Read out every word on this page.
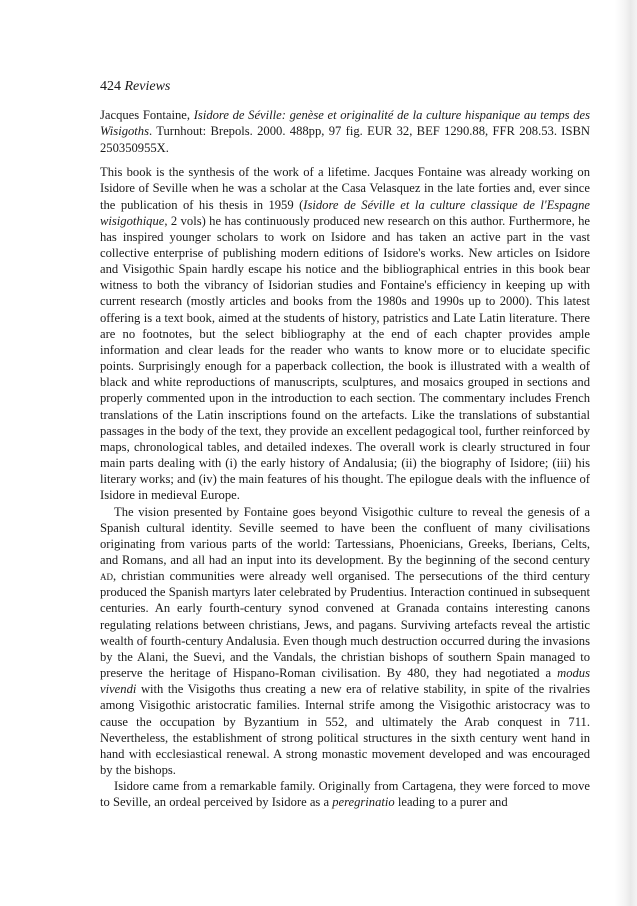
424 Reviews

Jacques Fontaine, Isidore de Séville: genèse et originalité de la culture hispanique au temps des Wisigoths. Turnhout: Brepols. 2000. 488pp, 97 fig. EUR 32, BEF 1290.88, FFR 208.53. ISBN 250350955X.

This book is the synthesis of the work of a lifetime. Jacques Fontaine was already working on Isidore of Seville when he was a scholar at the Casa Velasquez in the late forties and, ever since the publication of his thesis in 1959 (Isidore de Séville et la culture classique de l'Espagne wisigothique, 2 vols) he has continuously produced new research on this author. Furthermore, he has inspired younger scholars to work on Isidore and has taken an active part in the vast collective enterprise of publishing modern editions of Isidore's works. New articles on Isidore and Visigothic Spain hardly escape his notice and the bibliographical entries in this book bear witness to both the vibrancy of Isidorian studies and Fontaine's efficiency in keeping up with current research (mostly articles and books from the 1980s and 1990s up to 2000). This latest offering is a text book, aimed at the students of history, patristics and Late Latin literature. There are no footnotes, but the select bibliography at the end of each chapter provides ample information and clear leads for the reader who wants to know more or to elucidate specific points. Surprisingly enough for a paperback collection, the book is illustrated with a wealth of black and white reproductions of manuscripts, sculptures, and mosaics grouped in sections and properly commented upon in the introduction to each section. The commentary includes French translations of the Latin inscriptions found on the artefacts. Like the translations of substantial passages in the body of the text, they provide an excellent pedagogical tool, further reinforced by maps, chronological tables, and detailed indexes. The overall work is clearly structured in four main parts dealing with (i) the early history of Andalusia; (ii) the biography of Isidore; (iii) his literary works; and (iv) the main features of his thought. The epilogue deals with the influence of Isidore in medieval Europe.

The vision presented by Fontaine goes beyond Visigothic culture to reveal the genesis of a Spanish cultural identity. Seville seemed to have been the confluent of many civilisations originating from various parts of the world: Tartessians, Phoenicians, Greeks, Iberians, Celts, and Romans, and all had an input into its development. By the beginning of the second century ad, christian communities were already well organised. The persecutions of the third century produced the Spanish martyrs later celebrated by Prudentius. Interaction continued in subsequent centuries. An early fourth-century synod convened at Granada contains interesting canons regulating relations between christians, Jews, and pagans. Surviving artefacts reveal the artistic wealth of fourth-century Andalusia. Even though much destruction occurred during the invasions by the Alani, the Suevi, and the Vandals, the christian bishops of southern Spain managed to preserve the heritage of Hispano-Roman civilisation. By 480, they had negotiated a modus vivendi with the Visigoths thus creating a new era of relative stability, in spite of the rivalries among Visigothic aristocratic families. Internal strife among the Visigothic aristocracy was to cause the occupation by Byzantium in 552, and ultimately the Arab conquest in 711. Nevertheless, the establishment of strong political structures in the sixth century went hand in hand with ecclesiastical renewal. A strong monastic movement developed and was encouraged by the bishops.

Isidore came from a remarkable family. Originally from Cartagena, they were forced to move to Seville, an ordeal perceived by Isidore as a peregrinatio leading to a purer and
